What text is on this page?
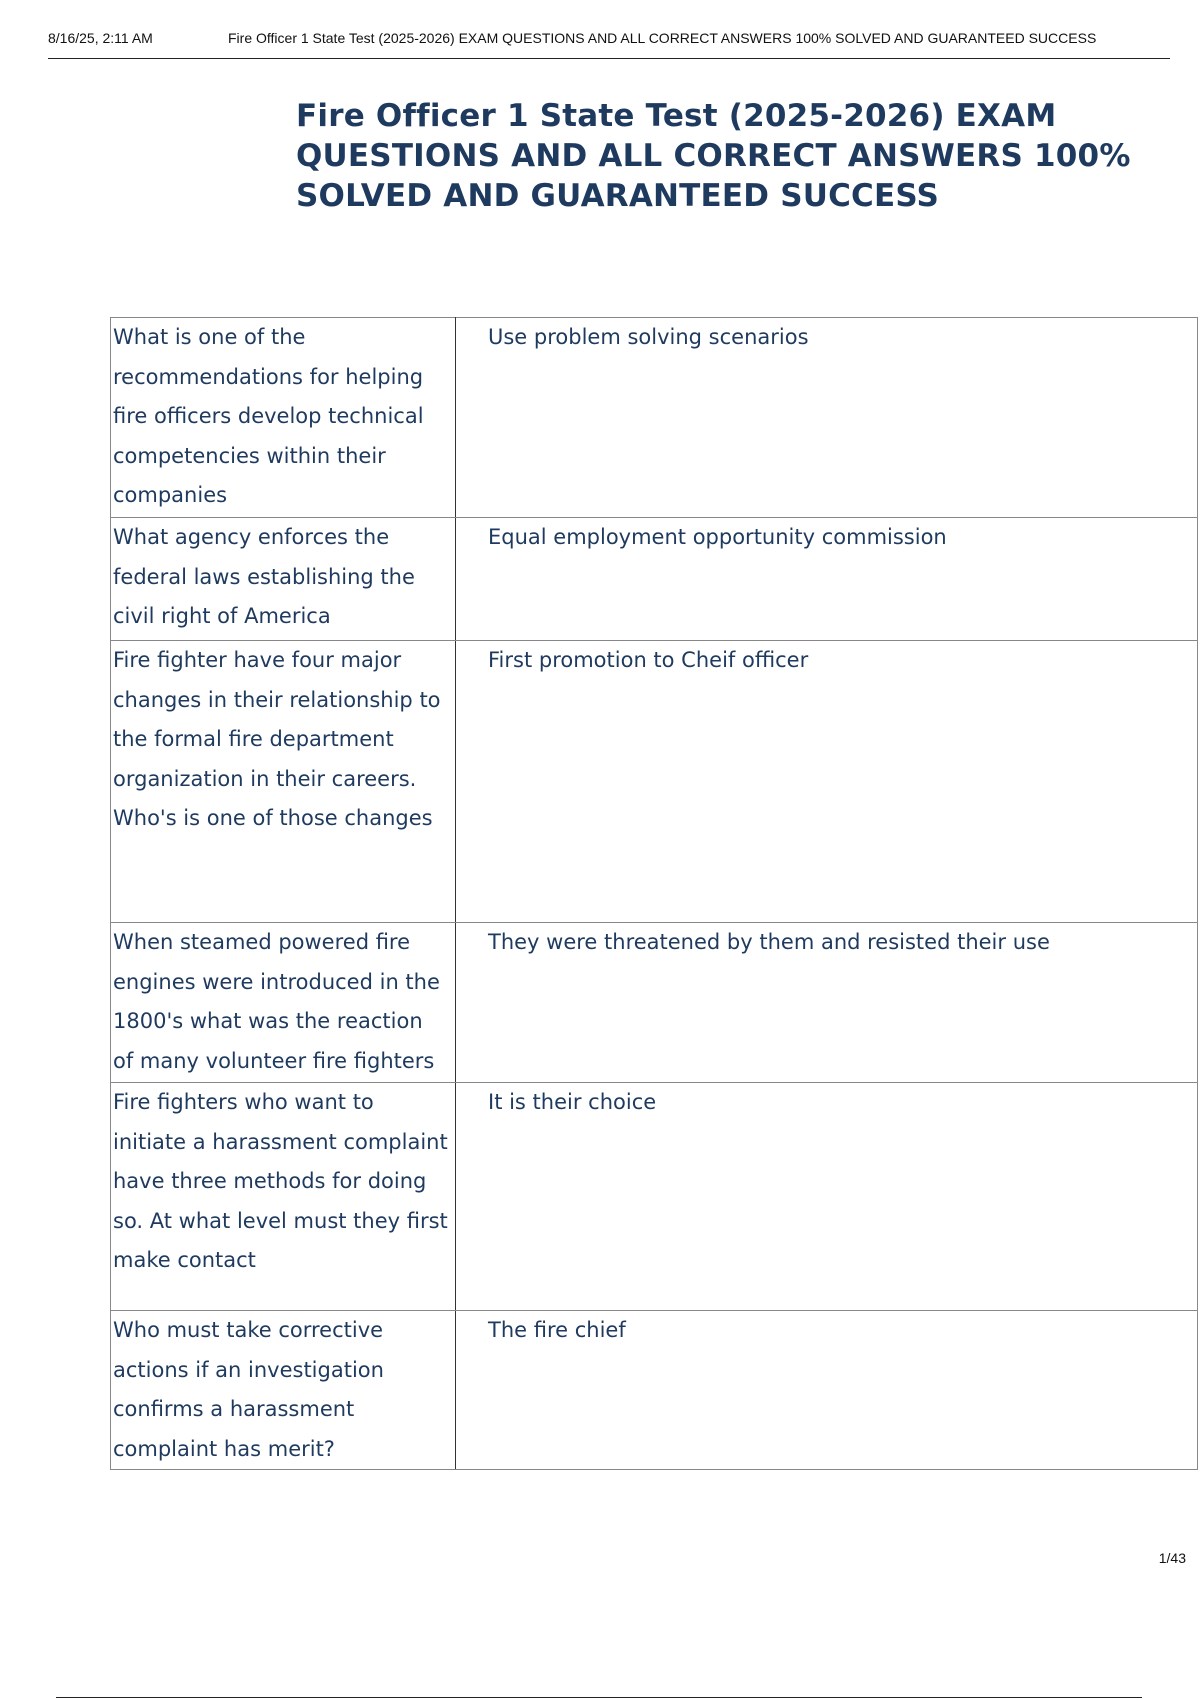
8/16/25, 2:11 AM	Fire Officer 1 State Test (2025-2026) EXAM QUESTIONS AND ALL CORRECT ANSWERS 100% SOLVED AND GUARANTEED SUCCESS
Fire Officer 1 State Test (2025-2026) EXAM QUESTIONS AND ALL CORRECT ANSWERS 100% SOLVED AND GUARANTEED SUCCESS
What is one of the recommendations for helping fire officers develop technical competencies within their companies	Use problem solving scenarios
What agency enforces the federal laws establishing the civil right of America	Equal employment opportunity commission
Fire fighter have four major changes in their relationship to the formal fire department organization in their careers. Who's is one of those changes	First promotion to Cheif officer
When steamed powered fire engines were introduced in the 1800's what was the reaction of many volunteer fire fighters	They were threatened by them and resisted their use
Fire fighters who want to initiate a harassment complaint have three methods for doing so. At what level must they first make contact	It is their choice
Who must take corrective actions if an investigation confirms a harassment complaint has merit?	The fire chief
1/43
